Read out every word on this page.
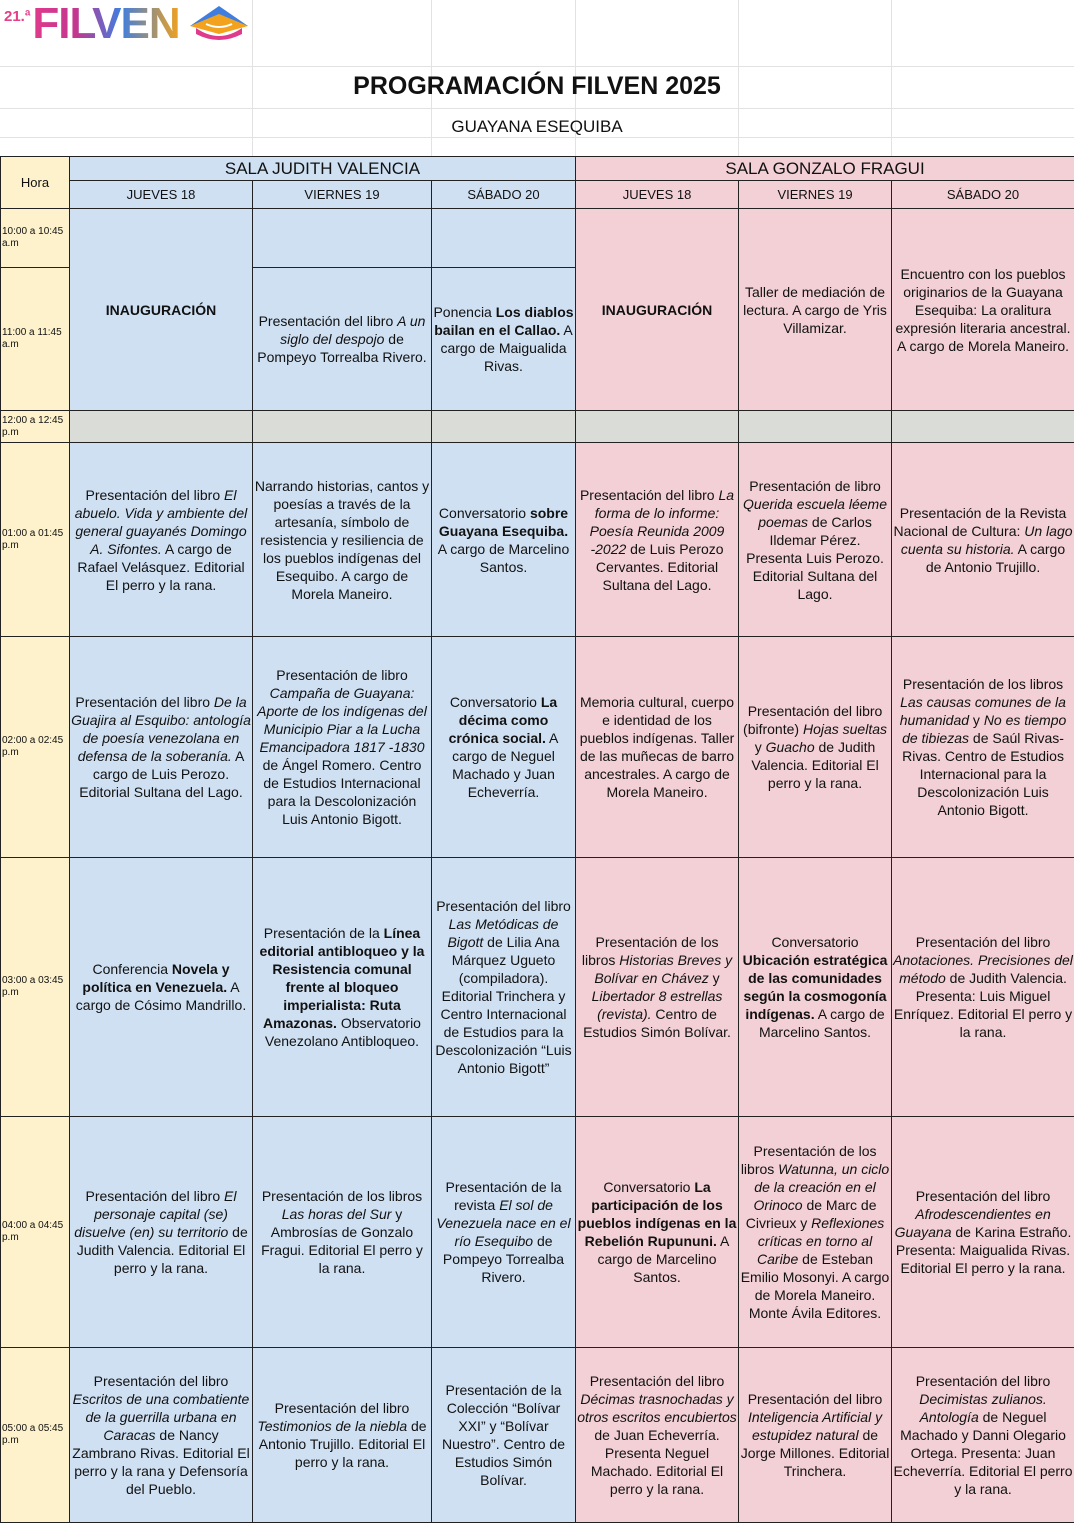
21.ª FILVEN
PROGRAMACIÓN FILVEN 2025
GUAYANA ESEQUIBA
Hora	SALA JUDITH VALENCIA			SALA GONZALO FRAGUI		
	JUEVES 18	VIERNES 19	SÁBADO 20	JUEVES 18	VIERNES 19	SÁBADO 20
10:00 a 10:45 a.m	INAUGURACIÓN			INAUGURACIÓN	Taller de mediación de lectura. A cargo de Yris Villamizar.	Encuentro con los pueblos originarios de la Guayana Esequiba: La oralitura expresión literaria ancestral. A cargo de Morela Maneiro.
11:00 a 11:45 a.m		Presentación del libro A un siglo del despojo de Pompeyo Torrealba Rivero.	Ponencia Los diablos bailan en el Callao. A cargo de Maigualida Rivas.			
12:00 a 12:45 p.m						
01:00 a 01:45 p.m	Presentación del libro El abuelo. Vida y ambiente del general guayanés Domingo A. Sifontes. A cargo de Rafael Velásquez. Editorial El perro y la rana.	Narrando historias, cantos y poesías a través de la artesanía, símbolo de resistencia y resiliencia de los pueblos indígenas del Esequibo. A cargo de Morela Maneiro.	Conversatorio sobre Guayana Esequiba. A cargo de Marcelino Santos.	Presentación del libro La forma de lo informe: Poesía Reunida 2009 -2022 de Luis Perozo Cervantes. Editorial Sultana del Lago.	Presentación de libro Querida escuela léeme poemas de Carlos Ildemar Pérez. Presenta Luis Perozo. Editorial Sultana del Lago.	Presentación de la Revista Nacional de Cultura: Un lago cuenta su historia. A cargo de Antonio Trujillo.
02:00 a 02:45 p.m	Presentación del libro De la Guajira al Esquibo: antología de poesía venezolana en defensa de la soberanía. A cargo de Luis Perozo. Editorial Sultana del Lago.	Presentación de libro Campaña de Guayana: Aporte de los indígenas del Municipio Piar a la Lucha Emancipadora 1817 -1830 de Ángel Romero. Centro de Estudios Internacional para la Descolonización Luis Antonio Bigott.	Conversatorio La décima como crónica social. A cargo de Neguel Machado y Juan Echeverría.	Memoria cultural, cuerpo e identidad de los pueblos indígenas. Taller de las muñecas de barro ancestrales. A cargo de Morela Maneiro.	Presentación del libro (bifronte) Hojas sueltas y Guacho de Judith Valencia. Editorial El perro y la rana.	Presentación de los libros Las causas comunes de la humanidad y No es tiempo de tibiezas de Saúl Rivas-Rivas. Centro de Estudios Internacional para la Descolonización Luis Antonio Bigott.
03:00 a 03:45 p.m	Conferencia Novela y política en Venezuela. A cargo de Cósimo Mandrillo.	Presentación de la Línea editorial antibloqueo y la Resistencia comunal frente al bloqueo imperialista: Ruta Amazonas. Observatorio Venezolano Antibloqueo.	Presentación del libro Las Metódicas de Bigott de Lilia Ana Márquez Ugueto (compiladora). Editorial Trinchera y Centro Internacional de Estudios para la Descolonización “Luis Antonio Bigott”	Presentación de los libros Historias Breves y Bolívar en Chávez y Libertador 8 estrellas (revista). Centro de Estudios Simón Bolívar.	Conversatorio Ubicación estratégica de las comunidades según la cosmogonía indígenas. A cargo de Marcelino Santos.	Presentación del libro Anotaciones. Precisiones del método de Judith Valencia. Presenta: Luis Miguel Enríquez. Editorial El perro y la rana.
04:00 a 04:45 p.m	Presentación del libro El personaje capital (se) disuelve (en) su territorio de Judith Valencia. Editorial El perro y la rana.	Presentación de los libros Las horas del Sur y Ambrosías de Gonzalo Fragui. Editorial El perro y la rana.	Presentación de la revista El sol de Venezuela nace en el río Esequibo de Pompeyo Torrealba Rivero.	Conversatorio La participación de los pueblos indígenas en la Rebelión Rupununi. A cargo de Marcelino Santos.	Presentación de los libros Watunna, un ciclo de la creación en el Orinoco de Marc de Civrieux y Reflexiones críticas en torno al Caribe de Esteban Emilio Mosonyi. A cargo de Morela Maneiro. Monte Ávila Editores.	Presentación del libro Afrodescendientes en Guayana de Karina Estraño. Presenta: Maigualida Rivas. Editorial El perro y la rana.
05:00 a 05:45 p.m	Presentación del libro Escritos de una combatiente de la guerrilla urbana en Caracas de Nancy Zambrano Rivas. Editorial El perro y la rana y Defensoría del Pueblo.	Presentación del libro Testimonios de la niebla de Antonio Trujillo. Editorial El perro y la rana.	Presentación de la Colección “Bolívar XXI” y “Bolívar Nuestro”. Centro de Estudios Simón Bolívar.	Presentación del libro Décimas trasnochadas y otros escritos encubiertos de Juan Echeverría. Presenta Neguel Machado. Editorial El perro y la rana.	Presentación del libro Inteligencia Artificial y estupidez natural de Jorge Millones. Editorial Trinchera.	Presentación del libro Decimistas zulianos. Antología de Neguel Machado y Danni Olegario Ortega. Presenta: Juan Echeverría. Editorial El perro y la rana.
